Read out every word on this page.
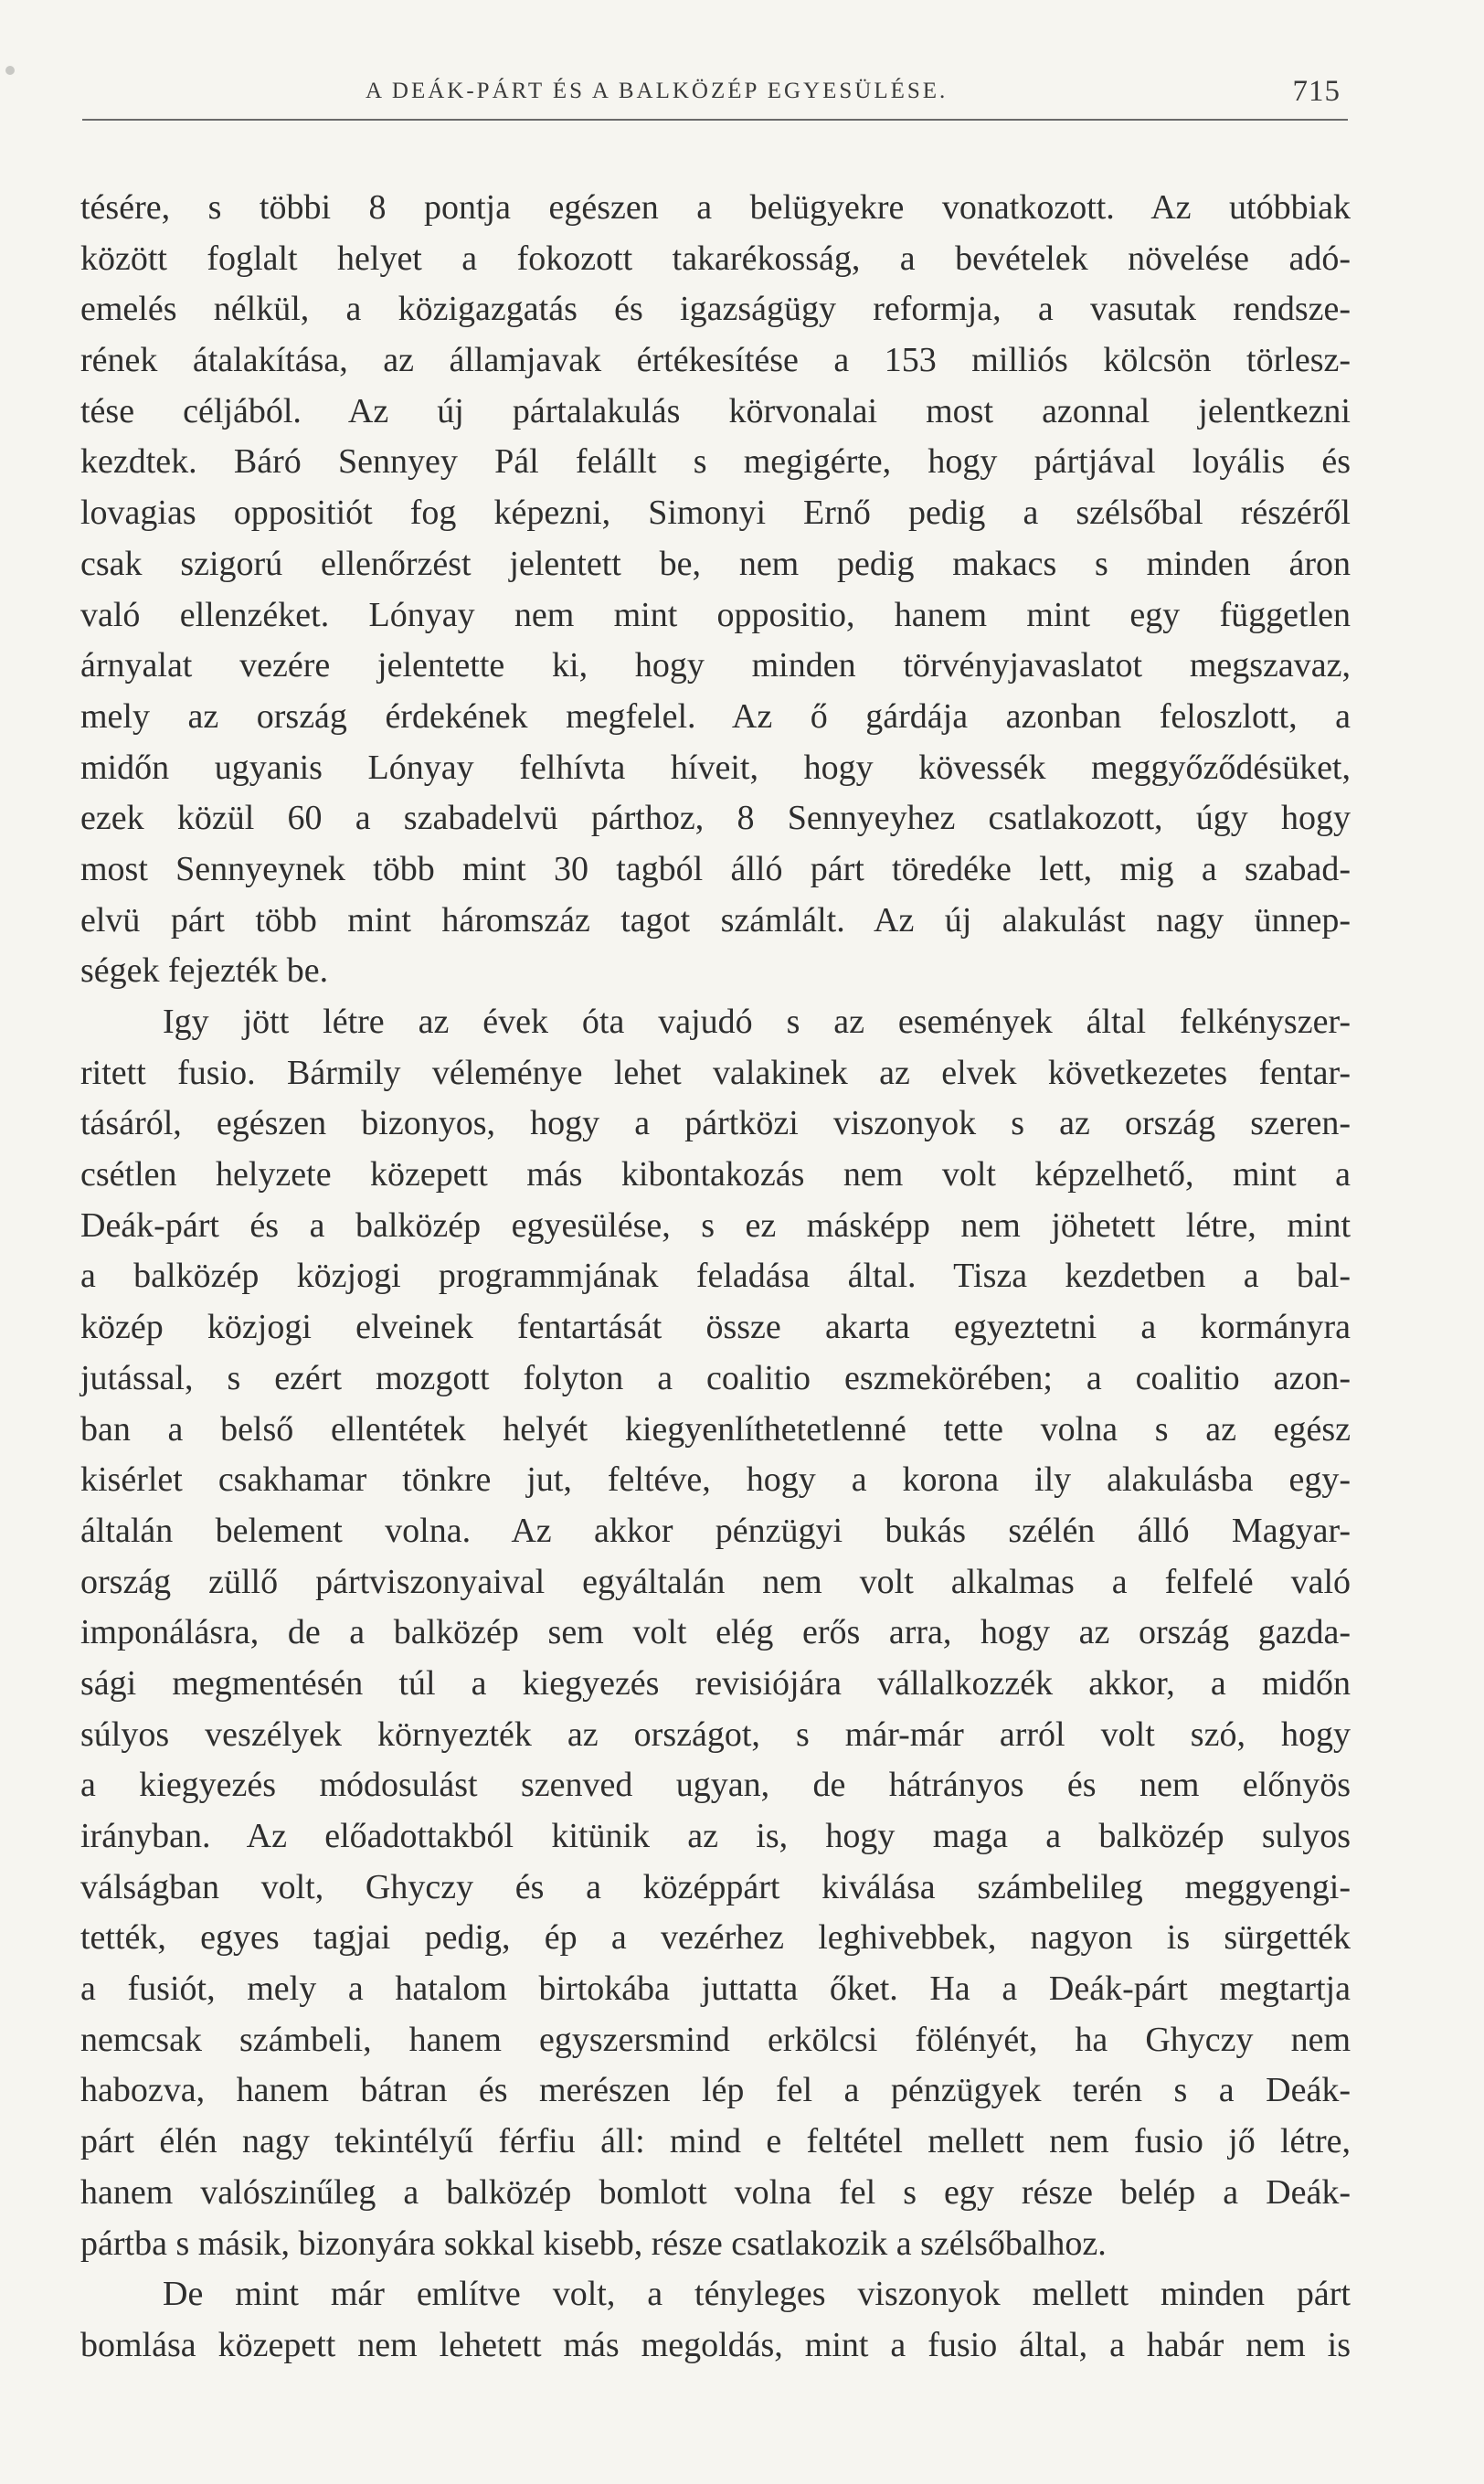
A DEÁK-PÁRT ÉS A BALKÖZÉP EGYESÜLÉSE.	715
tésére, s többi 8 pontja egészen a belügyekre vonatkozott. Az utóbbiak
között foglalt helyet a fokozott takarékosság, a bevételek növelése adó-
emelés nélkül, a közigazgatás és igazságügy reformja, a vasutak rendsze-
rének átalakítása, az államjavak értékesítése a 153 milliós kölcsön törlesz-
tése céljából. Az új pártalakulás körvonalai most azonnal jelentkezni
kezdtek. Báró Sennyey Pál felállt s megigérte, hogy pártjával loyális és
lovagias oppositiót fog képezni, Simonyi Ernő pedig a szélsőbal részéről
csak szigorú ellenőrzést jelentett be, nem pedig makacs s minden áron
való ellenzéket. Lónyay nem mint oppositio, hanem mint egy független
árnyalat vezére jelentette ki, hogy minden törvényjavaslatot megszavaz,
mely az ország érdekének megfelel. Az ő gárdája azonban feloszlott, a
midőn ugyanis Lónyay felhívta híveit, hogy kövessék meggyőződésüket,
ezek közül 60 a szabadelvü párthoz, 8 Sennyeyhez csatlakozott, úgy hogy
most Sennyeynek több mint 30 tagból álló párt töredéke lett, mig a szabad-
elvü párt több mint háromszáz tagot számlált. Az új alakulást nagy ünnep-
ségek fejezték be.
Igy jött létre az évek óta vajudó s az események által felkényszer-
ritett fusio. Bármily véleménye lehet valakinek az elvek következetes fentar-
tásáról, egészen bizonyos, hogy a pártközi viszonyok s az ország szeren-
csétlen helyzete közepett más kibontakozás nem volt képzelhető, mint a
Deák-párt és a balközép egyesülése, s ez másképp nem jöhetett létre, mint
a balközép közjogi programmjának feladása által. Tisza kezdetben a bal-
közép közjogi elveinek fentartását össze akarta egyeztetni a kormányra
jutással, s ezért mozgott folyton a coalitio eszmekörében; a coalitio azon-
ban a belső ellentétek helyét kiegyenlíthetetlenné tette volna s az egész
kisérlet csakhamar tönkre jut, feltéve, hogy a korona ily alakulásba egy-
általán belement volna. Az akkor pénzügyi bukás szélén álló Magyar-
ország züllő pártviszonyaival egyáltalán nem volt alkalmas a felfelé való
imponálásra, de a balközép sem volt elég erős arra, hogy az ország gazda-
sági megmentésén túl a kiegyezés revisiójára vállalkozzék akkor, a midőn
súlyos veszélyek környezték az országot, s már-már arról volt szó, hogy
a kiegyezés módosulást szenved ugyan, de hátrányos és nem előnyös
irányban. Az előadottakból kitünik az is, hogy maga a balközép sulyos
válságban volt, Ghyczy és a középpárt kiválása számbelileg meggyengi-
tették, egyes tagjai pedig, ép a vezérhez leghivebbek, nagyon is sürgették
a fusiót, mely a hatalom birtokába juttatta őket. Ha a Deák-párt megtartja
nemcsak számbeli, hanem egyszersmind erkölcsi fölényét, ha Ghyczy nem
habozva, hanem bátran és merészen lép fel a pénzügyek terén s a Deák-
párt élén nagy tekintélyű férfiu áll: mind e feltétel mellett nem fusio jő létre,
hanem valószinűleg a balközép bomlott volna fel s egy része belép a Deák-
pártba s másik, bizonyára sokkal kisebb, része csatlakozik a szélsőbalhoz.
De mint már említve volt, a tényleges viszonyok mellett minden párt
bomlása közepett nem lehetett más megoldás, mint a fusio által, a habár nem is
